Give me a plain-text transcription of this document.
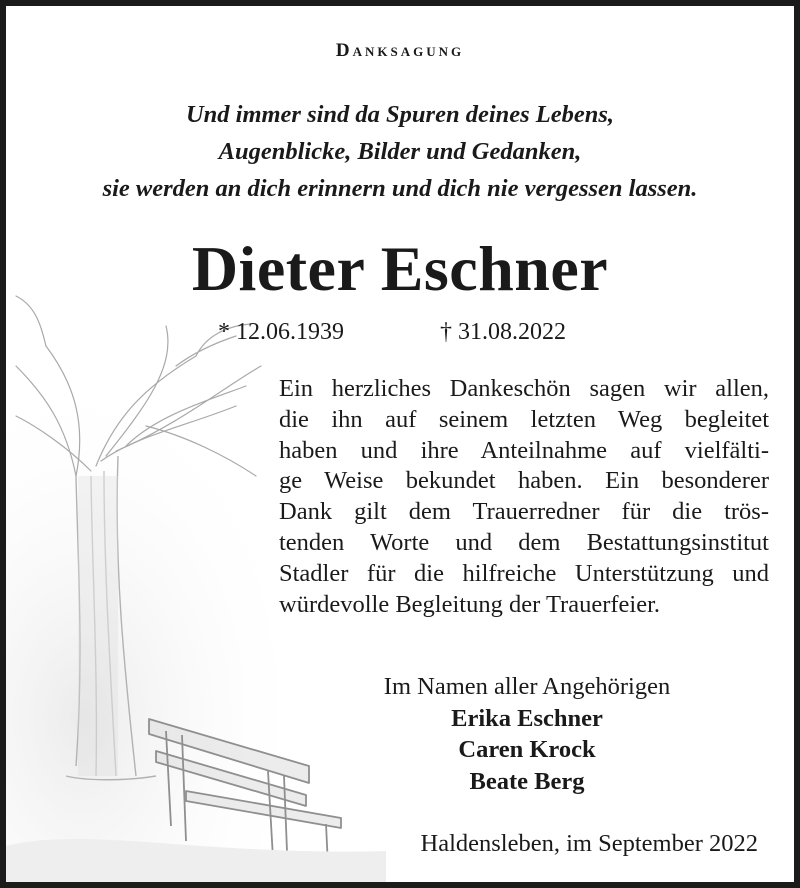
Danksagung
Und immer sind da Spuren deines Lebens,
Augenblicke, Bilder und Gedanken,
sie werden an dich erinnern und dich nie vergessen lassen.
Dieter Eschner
* 12.06.1939	† 31.08.2022
Ein herzliches Dankeschön sagen wir allen,
die ihn auf seinem letzten Weg begleitet
haben und ihre Anteilnahme auf vielfälti-
ge Weise bekundet haben. Ein besonderer
Dank gilt dem Trauerredner für die trös-
tenden Worte und dem Bestattungsinstitut
Stadler für die hilfreiche Unterstützung und
würdevolle Begleitung der Trauerfeier.
Im Namen aller Angehörigen
Erika Eschner
Caren Krock
Beate Berg
Haldensleben, im September 2022
